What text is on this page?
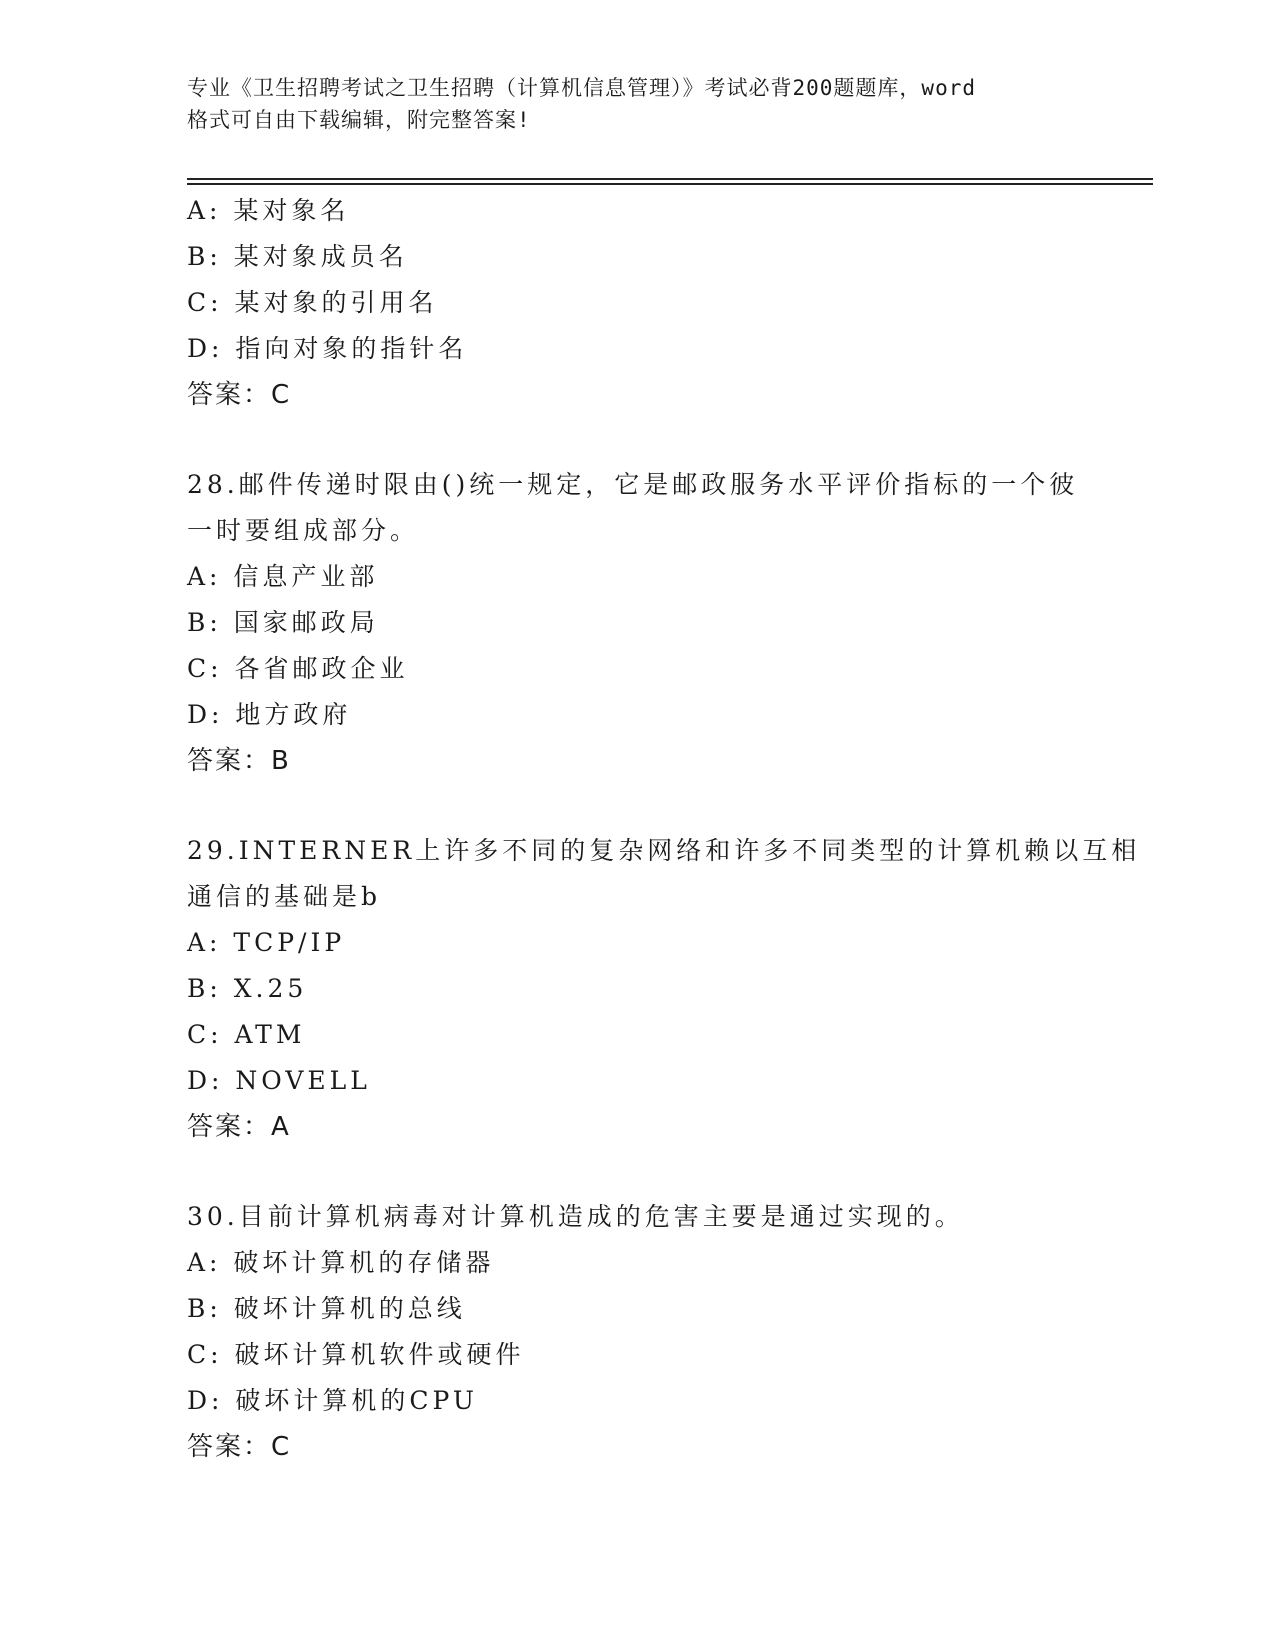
专业《卫生招聘考试之卫生招聘（计算机信息管理）》考试必背200题题库，word
格式可自由下载编辑，附完整答案!
A: 某对象名
B: 某对象成员名
C: 某对象的引用名
D: 指向对象的指针名
答案：C
28.邮件传递时限由()统一规定，它是邮政服务水平评价指标的一个彼
一时要组成部分。
A: 信息产业部
B: 国家邮政局
C: 各省邮政企业
D: 地方政府
答案：B
29.INTERNER上许多不同的复杂网络和许多不同类型的计算机赖以互相
通信的基础是b
A: TCP/IP
B: X.25
C: ATM
D: NOVELL
答案：A
30.目前计算机病毒对计算机造成的危害主要是通过实现的。
A: 破坏计算机的存储器
B: 破坏计算机的总线
C: 破坏计算机软件或硬件
D: 破坏计算机的CPU
答案：C
